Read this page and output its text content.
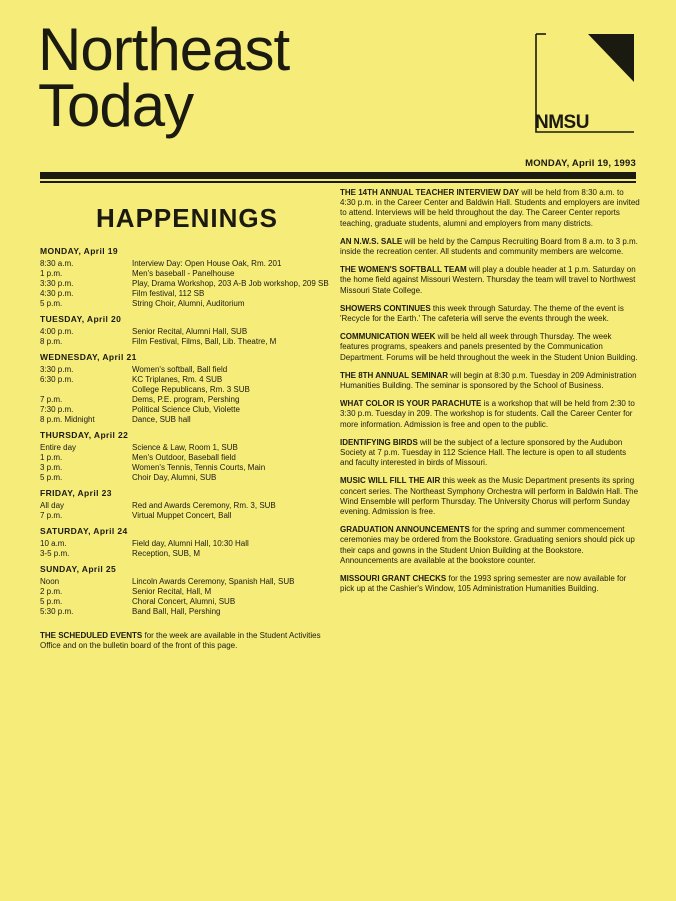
Northeast
Today	NMSU
MONDAY, April 19, 1993
HAPPENINGS
MONDAY, April 19
8:30 a.m.	Interview Day: Open House Oak, Rm. 201
1 p.m.	Men's baseball - Panelhouse
3:30 p.m.	Play, Drama Workshop, 203 A-B Job workshop, 209 SB
4:30 p.m.	Film festival, 112 SB
5 p.m.	String Choir, Alumni, Auditorium
TUESDAY, April 20
4:00 p.m.	Senior Recital, Alumni Hall, SUB
8 p.m.	Film Festival, Films, Ball, Lib. Theatre, M
WEDNESDAY, April 21
3:30 p.m.	Women's softball, Ball field
6:30 p.m.	KC Triplanes, Rm. 4 SUB
College Republicans, Rm. 3 SUB
7 p.m.	Dems, P.E. program, Pershing
7:30 p.m.	Political Science Club, Violette
8 p.m. Midnight	Dance, SUB hall
THURSDAY, April 22
Entire day	Science & Law, Room 1, SUB
1 p.m.	Men's Outdoor, Baseball field
3 p.m.	Women's Tennis, Tennis Courts, Main
5 p.m.	Choir Day, Alumni, SUB
FRIDAY, April 23
All day	Red and Awards Ceremony, Rm. 3, SUB
7 p.m.	Virtual Muppet Concert, Ball
SATURDAY, April 24
10 a.m.	Field day, Alumni Hall, 10:30 Hall
3-5 p.m.	Reception, SUB, M
SUNDAY, April 25
Noon	Lincoln Awards Ceremony, Spanish Hall, SUB
2 p.m.	Senior Recital, Hall, M
5 p.m.	Choral Concert, Alumni, SUB
5:30 p.m.	Band Ball, Hall, Pershing
THE SCHEDULED EVENTS for the week are available in the Student Activities Office and on the bulletin board of the front of this page.

THE 14TH ANNUAL TEACHER INTERVIEW DAY will be held from 8:30 a.m. to 4:30 p.m. in the Career Center and Baldwin Hall. Students and employers are invited to attend. Interviews will be held throughout the day. The Career Center reports teaching, graduate students, alumni and employers from many districts.

AN N.W.S. SALE will be held by the Campus Recruiting Board from 8 a.m. to 3 p.m. inside the recreation center. All students and community members are welcome.

THE WOMEN'S SOFTBALL TEAM will play a double header at 1 p.m. Saturday on the home field against Missouri Western. Thursday the team will travel to Northwest Missouri State College.

SHOWERS CONTINUES this week through Saturday. The theme of the event is 'Recycle for the Earth.' The cafeteria will serve the events through the week.

COMMUNICATION WEEK will be held all week through Thursday. The week features programs, speakers and panels presented by the Communication Department. Forums will be held throughout the week in the Student Union Building.

THE 8TH ANNUAL SEMINAR will begin at 8:30 p.m. Tuesday in 209 Administration Humanities Building. The seminar is sponsored by the School of Business.

WHAT COLOR IS YOUR PARACHUTE is a workshop that will be held from 2:30 to 3:30 p.m. Tuesday in 209. The workshop is for students. Call the Career Center for more information. Admission is free and open to the public.

IDENTIFYING BIRDS will be the subject of a lecture sponsored by the Audubon Society at 7 p.m. Tuesday in 112 Science Hall. The lecture is open to all students and faculty interested in birds of Missouri.

MUSIC WILL FILL THE AIR this week as the Music Department presents its spring concert series. The Northeast Symphony Orchestra will perform in Baldwin Hall. The Wind Ensemble will perform Thursday. The University Chorus will perform Sunday evening. Admission is free.

GRADUATION ANNOUNCEMENTS for the spring and summer commencement ceremonies may be ordered from the Bookstore. Graduating seniors should pick up their caps and gowns in the Student Union Building at the Bookstore. Announcements are available at the bookstore counter.

MISSOURI GRANT CHECKS for the 1993 spring semester are now available for pick up at the Cashier's Window, 105 Administration Humanities Building.
